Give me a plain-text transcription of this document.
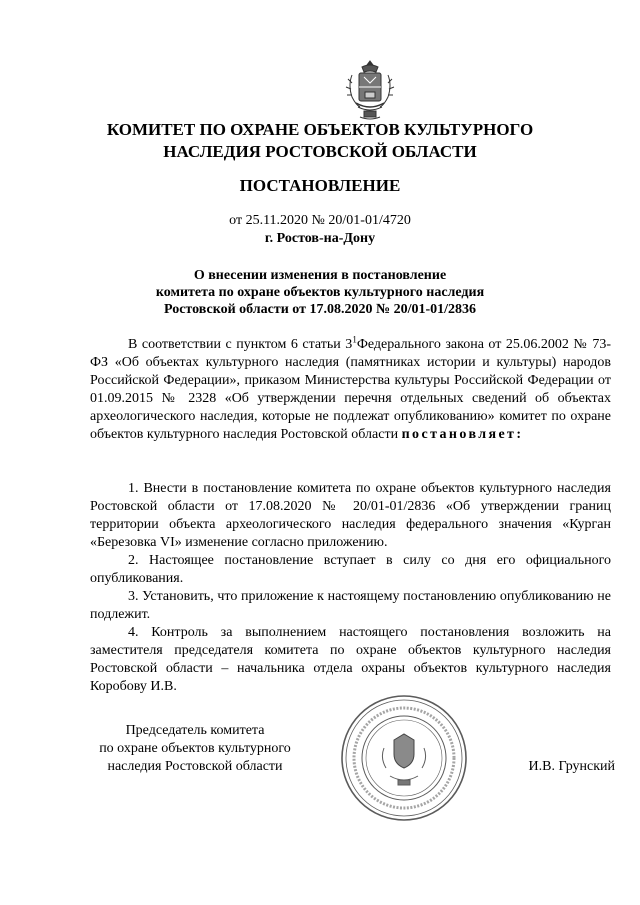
КОМИТЕТ ПО ОХРАНЕ ОБЪЕКТОВ КУЛЬТУРНОГО
НАСЛЕДИЯ РОСТОВСКОЙ ОБЛАСТИ
ПОСТАНОВЛЕНИЕ
от 25.11.2020 № 20/01-01/4720
г. Ростов-на-Дону
О внесении изменения в постановление
комитета по охране объектов культурного наследия
Ростовской области от 17.08.2020 № 20/01-01/2836
В соответствии с пунктом 6 статьи $3^1Федерального$ закона от 25.06.2002 № 73-ФЗ «Об объектах культурного наследия (памятниках истории и культуры) народов Российской Федерации», приказом Министерства культуры Российской Федерации от 01.09.2015 № 2328 «Об утверждении перечня отдельных сведений об объектах археологического наследия, которые не подлежат опубликованию» комитет по охране объектов культурного наследия Ростовской области постановляет:

1. Внести в постановление комитета по охране объектов культурного наследия Ростовской области от 17.08.2020 № 20/01-01/2836 «Об утверждении границ территории объекта археологического наследия федерального значения «Курган «Березовка VI» изменение согласно приложению.

2. Настоящее постановление вступает в силу со дня его официального опубликования.

3. Установить, что приложение к настоящему постановлению опубликованию не подлежит.

4. Контроль за выполнением настоящего постановления возложить на заместителя председателя комитета по охране объектов культурного наследия Ростовской области – начальника отдела охраны объектов культурного наследия Коробову И.В.

Председатель комитета
по охране объектов культурного
наследия Ростовской области	И.В. Грунский
